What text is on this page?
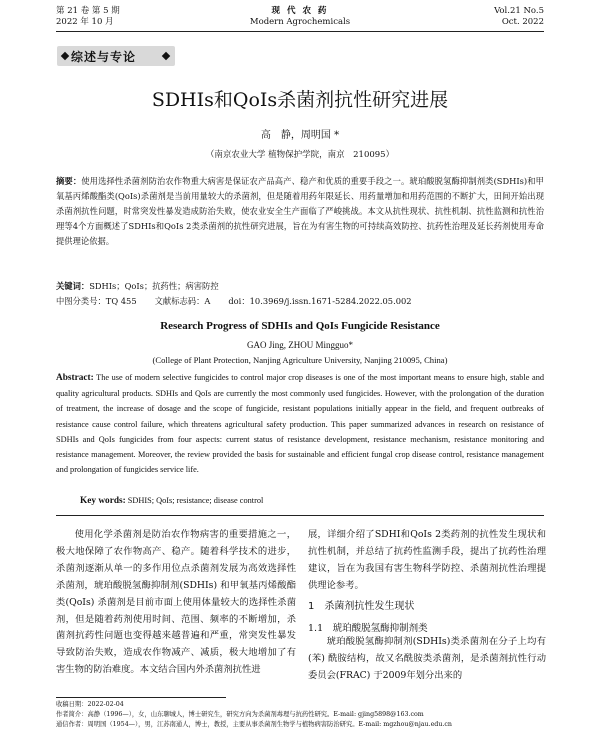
第 21 卷 第 5 期
2022 年 10 月
现 代 农 药
Modern Agrochemicals
Vol.21 No.5
Oct. 2022
综述与专论
SDHIs和QoIs杀菌剂抗性研究进展
高　静，周明国 *
（南京农业大学 植物保护学院，南京　210095）
摘要：使用选择性杀菌剂防治农作物重大病害是保证农产品高产、稳产和优质的重要手段之一。琥珀酸脱氢酶抑制剂类(SDHIs)和甲氧基丙烯酸酯类(QoIs)杀菌剂是当前用量较大的杀菌剂，但是随着用药年限延长、用药量增加和用药范围的不断扩大，田间开始出现杀菌剂抗性问题，时常突发性暴发造成防治失败，使农业安全生产面临了严峻挑战。本文从抗性现状、抗性机制、抗性监测和抗性治理等4个方面概述了SDHIs和QoIs 2类杀菌剂的抗性研究进展，旨在为有害生物的可持续高效防控、抗药性治理及延长药剂使用寿命提供理论依据。
关键词：SDHIs；QoIs；抗药性；病害防控
中图分类号：TQ 455 文献标志码：A doi：10.3969/j.issn.1671-5284.2022.05.002
Research Progress of SDHIs and QoIs Fungicide Resistance
GAO Jing, ZHOU Mingguo*
(College of Plant Protection, Nanjing Agriculture University, Nanjing 210095, China)
Abstract: The use of modern selective fungicides to control major crop diseases is one of the most important means to ensure high, stable and quality agricultural products. SDHIs and QoIs are currently the most commonly used fungicides. However, with the prolongation of the duration of treatment, the increase of dosage and the scope of fungicide, resistant populations initially appear in the field, and frequent outbreaks of resistance cause control failure, which threatens agricultural safety production. This paper summarized advances in research on resistance of SDHIs and QoIs fungicides from four aspects: current status of resistance development, resistance mechanism, resistance monitoring and resistance management. Moreover, the review provided the basis for sustainable and efficient fungal crop disease control, resistance management and prolongation of fungicides service life.
Key words: SDHIS; QoIs; resistance; disease control
使用化学杀菌剂是防治农作物病害的重要措施之一，极大地保障了农作物高产、稳产。随着科学技术的进步，杀菌剂逐渐从单一的多作用位点杀菌剂发展为高效选择性杀菌剂，琥珀酸脱氢酶抑制剂(SDHIs) 和甲氧基丙烯酸酯类(QoIs) 杀菌剂是目前市面上使用体量较大的选择性杀菌剂，但是随着药剂使用时间、范围、频率的不断增加，杀菌剂抗药性问题也变得越来越普遍和严重，常突发性暴发导致防治失败，造成农作物减产、减质，极大地增加了有害生物的防治难度。本文结合国内外杀菌剂抗性进
展，详细介绍了SDHI和QoIs 2类药剂的抗性发生现状和抗性机制，并总结了抗药性监测手段，提出了抗药性治理建议，旨在为我国有害生物科学防控、杀菌剂抗性治理提供理论参考。
1　杀菌剂抗性发生现状
1.1　琥珀酸脱氢酶抑制剂类
琥珀酸脱氢酶抑制剂(SDHIs)类杀菌剂在分子上均有(苯) 酰胺结构，故又名酰胺类杀菌剂，是杀菌剂抗性行动委员会(FRAC) 于2009年划分出来的
收稿日期：2022-02-04
作者简介：高静（1996—），女，山东聊城人，博士研究生，研究方向为杀菌剂毒理与抗药性研究。E-mail: gjing5898@163.com
通信作者：周明国（1954—），男，江苏南通人，博士，教授，主要从事杀菌剂生物学与植物病害防治研究。E-mail: mgzhou@njau.edu.cn
